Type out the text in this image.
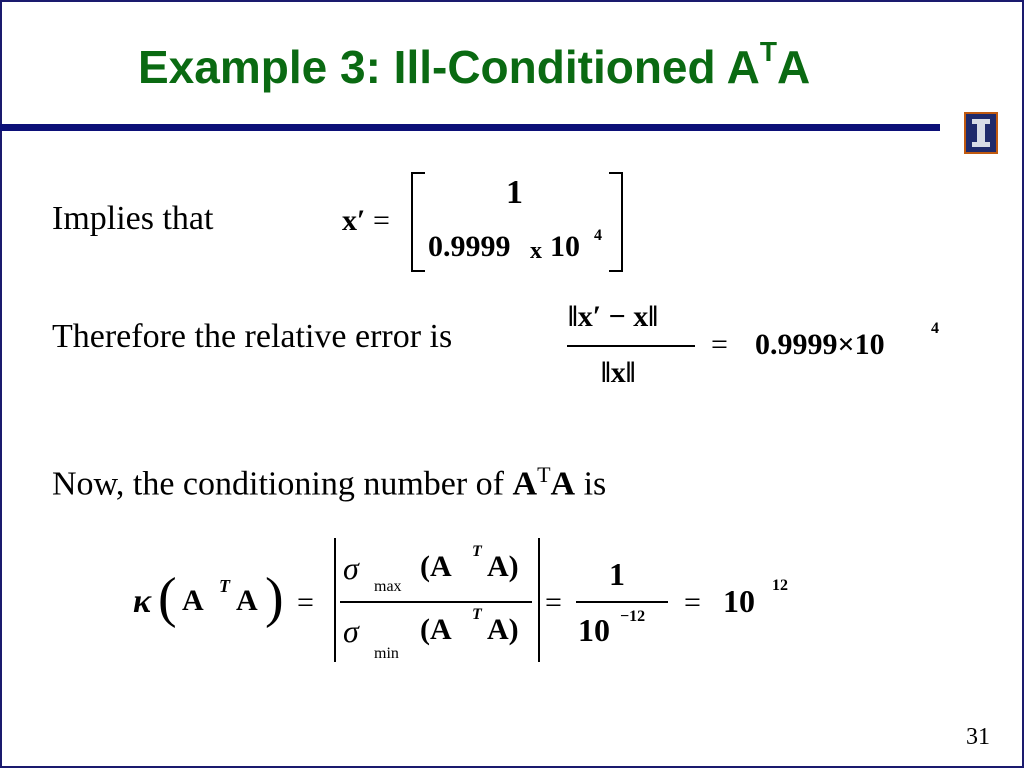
Example 3: Ill-Conditioned $A^TA$
Implies that	x′ =
1
0.9999 x 10 4
Therefore the relative error is
‖x′ − x‖
‖x‖
= 0.9999×10	4
Now, the conditioning number of $A^TA$ is
κ ( A T A ) =
σ
max
(A T A)
σ
min
(A T A)
=
1
10 −12 = 10 12
31
